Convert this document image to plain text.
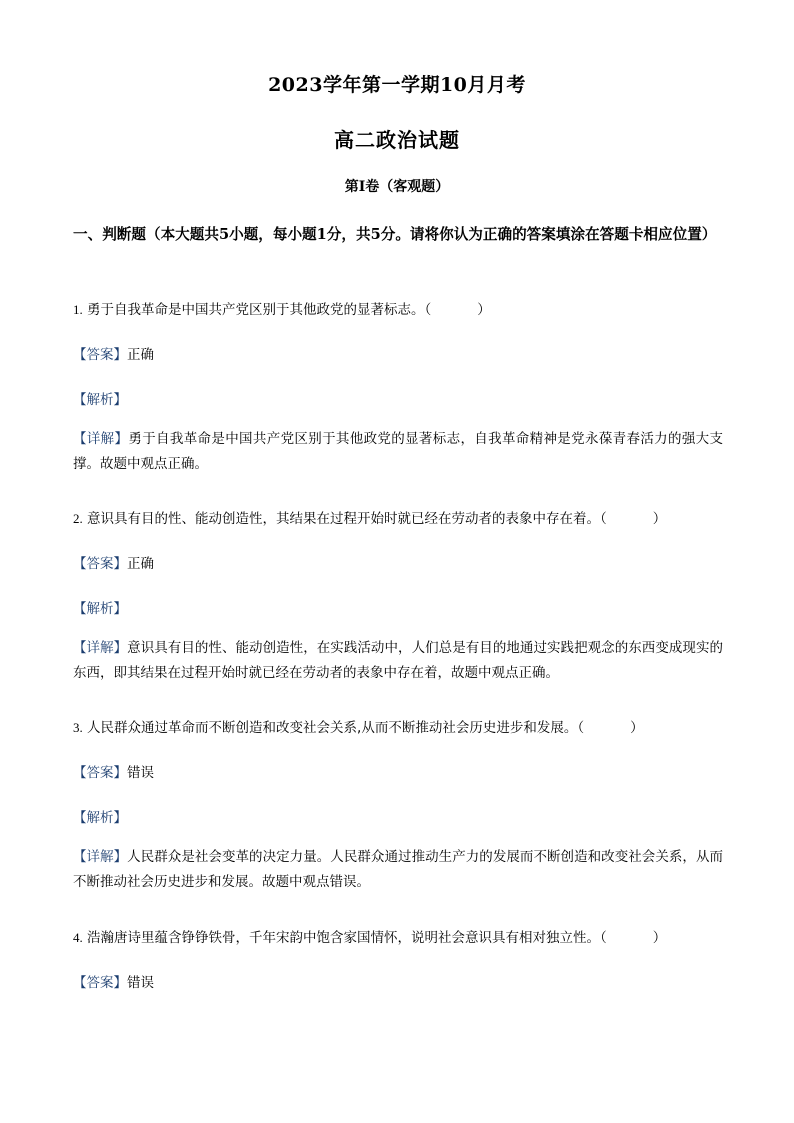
2023学年第一学期10月月考
高二政治试题
第I卷（客观题）
一、判断题（本大题共5小题，每小题1分，共5分。请将你认为正确的答案填涂在答题卡相应位置）
1. 勇于自我革命是中国共产党区别于其他政党的显著标志。（	）
【答案】正确
【解析】
【详解】勇于自我革命是中国共产党区别于其他政党的显著标志，自我革命精神是党永葆青春活力的强大支撑。故题中观点正确。
2. 意识具有目的性、能动创造性，其结果在过程开始时就已经在劳动者的表象中存在着。（	）
【答案】正确
【解析】
【详解】意识具有目的性、能动创造性，在实践活动中，人们总是有目的地通过实践把观念的东西变成现实的东西，即其结果在过程开始时就已经在劳动者的表象中存在着，故题中观点正确。
3. 人民群众通过革命而不断创造和改变社会关系,从而不断推动社会历史进步和发展。（	）
【答案】错误
【解析】
【详解】人民群众是社会变革的决定力量。人民群众通过推动生产力的发展而不断创造和改变社会关系，从而不断推动社会历史进步和发展。故题中观点错误。
4. 浩瀚唐诗里蕴含铮铮铁骨，千年宋韵中饱含家国情怀，说明社会意识具有相对独立性。（	）
【答案】错误
